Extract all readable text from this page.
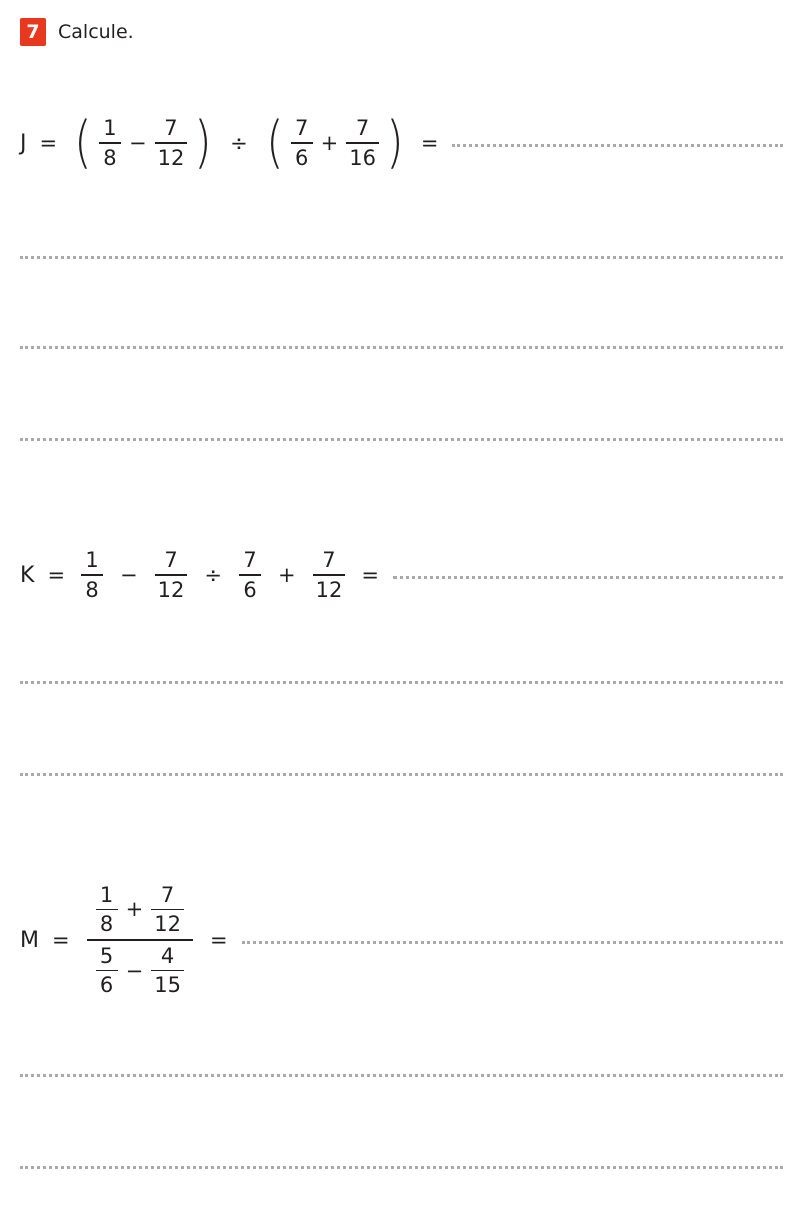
7 Calcule.
J = ( $\frac{1}{8} - \frac{7}{12}$ ) ÷ ( $\frac{7}{6} + \frac{7}{16}$ ) =
$K = \frac{1}{8} - \frac{7}{12} \div \frac{7}{6} + \frac{7}{12}$ =
M =
$\frac{1}{8} + \frac{7}{12}$
$\frac{5}{6} - \frac{4}{15}$
=
